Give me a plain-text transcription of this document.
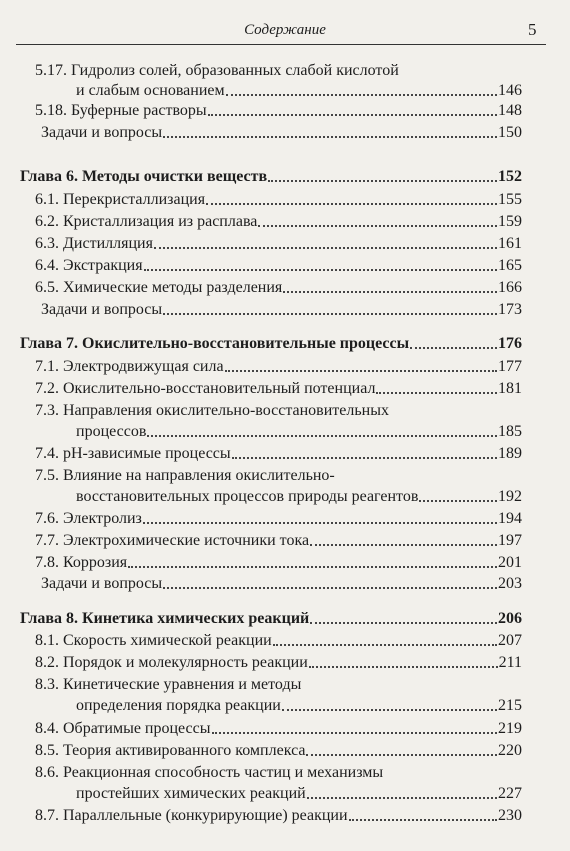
Содержание	5
5.17. Гидролиз солей, образованных слабой кислотой
и слабым основанием	146
5.18. Буферные растворы	148
Задачи и вопросы	150
Глава 6. Методы очистки веществ	152
6.1. Перекристаллизация	155
6.2. Кристаллизация из расплава	159
6.3. Дистилляция	161
6.4. Экстракция	165
6.5. Химические методы разделения	166
Задачи и вопросы	173
Глава 7. Окислительно-восстановительные процессы	176
7.1. Электродвижущая сила	177
7.2. Окислительно-восстановительный потенциал	181
7.3. Направления окислительно-восстановительных
процессов	185
7.4. рН-зависимые процессы	189
7.5. Влияние на направления окислительно-
восстановительных процессов природы реагентов	192
7.6. Электролиз	194
7.7. Электрохимические источники тока	197
7.8. Коррозия	201
Задачи и вопросы	203
Глава 8. Кинетика химических реакций	206
8.1. Скорость химической реакции	207
8.2. Порядок и молекулярность реакции	211
8.3. Кинетические уравнения и методы
определения порядка реакции	215
8.4. Обратимые процессы	219
8.5. Теория активированного комплекса	220
8.6. Реакционная способность частиц и механизмы
простейших химических реакций	227
8.7. Параллельные (конкурирующие) реакции	230
